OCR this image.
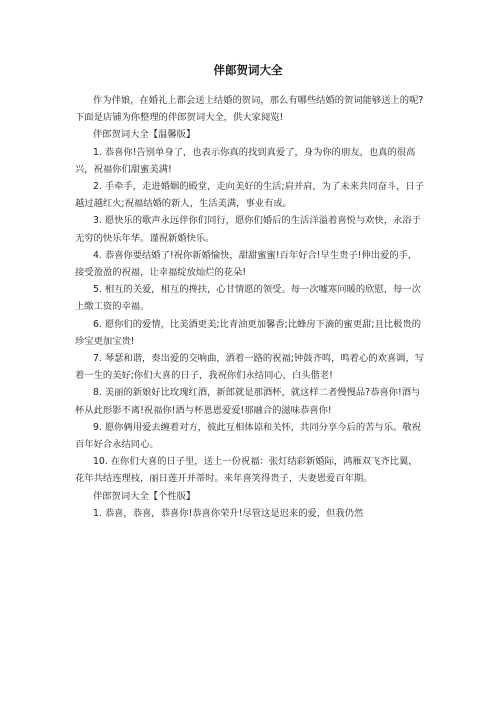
伴郎贺词大全

作为伴娘，在婚礼上都会送上结婚的贺词，那么有哪些结婚的贺词能够送上的呢?下面是店铺为你整理的伴郎贺词大全，供大家阅览!

伴郎贺词大全【温馨版】

1. 恭喜你!告别单身了，也表示你真的找到真爱了，身为你的朋友，也真的很高兴，祝福你们甜蜜美满!

2. 手牵手，走进婚姻的殿堂，走向美好的生活;肩并肩，为了未来共同奋斗，日子越过越红火;祝福结婚的新人，生活美满，事业有成。

3. 愿快乐的歌声永远伴你们同行，愿你们婚后的生活洋溢着喜悦与欢快，永浴于无穷的快乐年华。谨祝新婚快乐。

4. 恭喜你要结婚了!祝你新婚愉快，甜甜蜜蜜!百年好合!早生贵子!伸出爱的手，接受盈盈的祝福，让幸福绽放灿烂的花朵!

5. 相互的关爱，相互的搀扶，心甘情愿的领受。每一次嘘寒问暖的欣慰，每一次上缴工资的幸福。

6. 愿你们的爱情，比美酒更美;比青油更加馨香;比蜂房下滴的蜜更甜;且比极贵的珍宝更加宝贵!

7. 琴瑟和谐，奏出爱的交响曲，洒着一路的祝福;钟鼓齐鸣，鸣着心的欢喜调，写着一生的美好;你们大喜的日子，我祝你们永结同心，白头偕老!

8. 美丽的新娘好比玫瑰红酒，新郎就是那酒杯，就这样二者慢慢品?恭喜你!酒与杯从此形影不离!祝福你!酒与杯恩恩爱爱!那融合的滋味恭喜你!

9. 愿你俩用爱去缠着对方，彼此互相体谅和关怀，共同分享今后的苦与乐。敬祝百年好合永结同心。

10. 在你们大喜的日子里，送上一份祝福：张灯结彩新婚际，鸿雁双飞齐比翼，花年共结连理枝，丽日莲开并蒂时。来年喜笑得贵子，夫妻恩爱百年期。

伴郎贺词大全【个性版】

1. 恭喜，恭喜，恭喜你!恭喜你荣升!尽管这是迟来的爱，但我仍然
